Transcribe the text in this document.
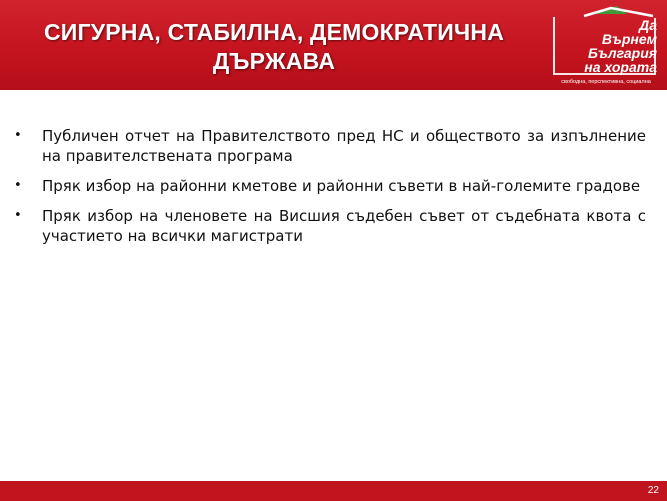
СИГУРНА, СТАБИЛНА, ДЕМОКРАТИЧНА
ДЪРЖАВА
Да
Върнем
България
на хората
свободна, перспективна, социална
• Публичен отчет на Правителството пред НС и обществото за изпълнение на правителствената програма
• Пряк избор на районни кметове и районни съвети в най-големите градове
• Пряк избор на членовете на Висшия съдебен съвет от съдебната квота с участието на всички магистрати
22
